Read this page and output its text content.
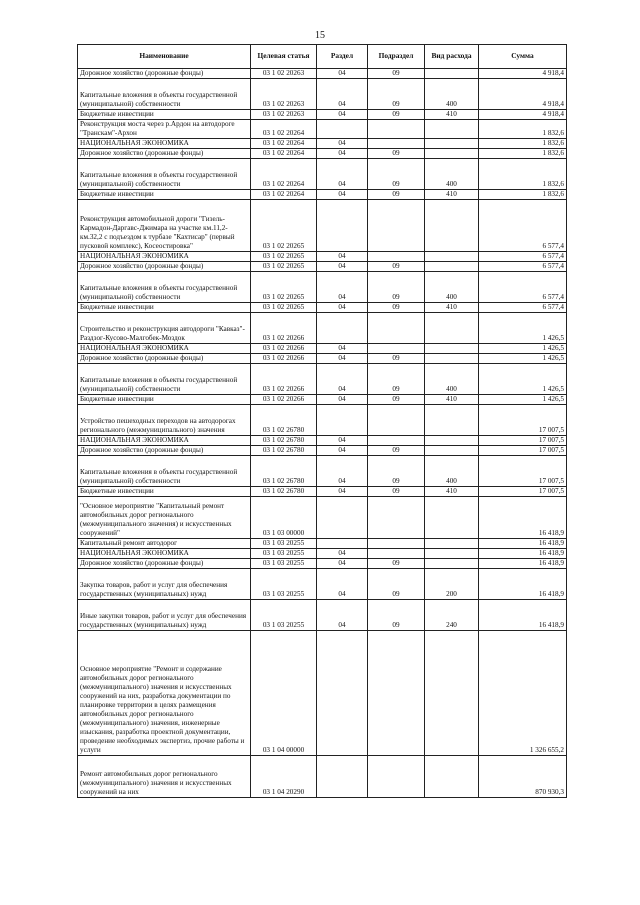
15
Наименование	Целевая статья	Раздел	Подраздел	Вид расхода	Сумма
Дорожное хозяйство (дорожные фонды)	03 1 02 20263	04	09		4 918,4
Капитальные вложения в объекты государственной (муниципальной) собственности	03 1 02 20263	04	09	400	4 918,4
Бюджетные инвестиции	03 1 02 20263	04	09	410	4 918,4
Реконструкция моста через р.Ардон на автодороге "Транскам"-Архон	03 1 02 20264				1 832,6
НАЦИОНАЛЬНАЯ ЭКОНОМИКА	03 1 02 20264	04			1 832,6
Дорожное хозяйство (дорожные фонды)	03 1 02 20264	04	09		1 832,6
Капитальные вложения в объекты государственной (муниципальной) собственности	03 1 02 20264	04	09	400	1 832,6
Бюджетные инвестиции	03 1 02 20264	04	09	410	1 832,6
Реконструкция автомобильной дороги "Гизель-Кармадон-Даргавс-Джимара на участке км.11,2-км.32,2 с подъездом к турбазе "Кахтисар" (первый пусковой комплекс), Косеостировка"	03 1 02 20265				6 577,4
НАЦИОНАЛЬНАЯ ЭКОНОМИКА	03 1 02 20265	04			6 577,4
Дорожное хозяйство (дорожные фонды)	03 1 02 20265	04	09		6 577,4
Капитальные вложения в объекты государственной (муниципальной) собственности	03 1 02 20265	04	09	400	6 577,4
Бюджетные инвестиции	03 1 02 20265	04	09	410	6 577,4
Строительство и реконструкция автодороги "Кавказ"-Раздзог-Кусово-Малгобек-Моздок	03 1 02 20266				1 426,5
НАЦИОНАЛЬНАЯ ЭКОНОМИКА	03 1 02 20266	04			1 426,5
Дорожное хозяйство (дорожные фонды)	03 1 02 20266	04	09		1 426,5
Капитальные вложения в объекты государственной (муниципальной) собственности	03 1 02 20266	04	09	400	1 426,5
Бюджетные инвестиции	03 1 02 20266	04	09	410	1 426,5
Устройство пешеходных переходов на автодорогах регионального (межмуниципального) значения	03 1 02 26780				17 007,5
НАЦИОНАЛЬНАЯ ЭКОНОМИКА	03 1 02 26780	04			17 007,5
Дорожное хозяйство (дорожные фонды)	03 1 02 26780	04	09		17 007,5
Капитальные вложения в объекты государственной (муниципальной) собственности	03 1 02 26780	04	09	400	17 007,5
Бюджетные инвестиции	03 1 02 26780	04	09	410	17 007,5
"Основное мероприятие "Капитальный ремонт автомобильных дорог регионального (межмуниципального значения) и искусственных сооружений"	03 1 03 00000				16 418,9
Капитальный ремонт автодорог	03 1 03 20255				16 418,9
НАЦИОНАЛЬНАЯ ЭКОНОМИКА	03 1 03 20255	04			16 418,9
Дорожное хозяйство (дорожные фонды)	03 1 03 20255	04	09		16 418,9
Закупка товаров, работ и услуг для обеспечения государственных (муниципальных) нужд	03 1 03 20255	04	09	200	16 418,9
Иные закупки товаров, работ и услуг для обеспечения государственных (муниципальных) нужд	03 1 03 20255	04	09	240	16 418,9
Основное мероприятие "Ремонт и содержание автомобильных дорог регионального (межмуниципального) значения и искусственных сооружений на них, разработка документации по планировке территории в целях размещения автомобильных дорог регионального (межмуниципального) значения, инженерные изыскания, разработка проектной документации, проведение необходимых экспертиз, прочие работы и услуги	03 1 04 00000				1 326 655,2
Ремонт автомобильных дорог регионального (межмуниципального) значения и искусственных сооружений на них	03 1 04 20290				870 930,3
